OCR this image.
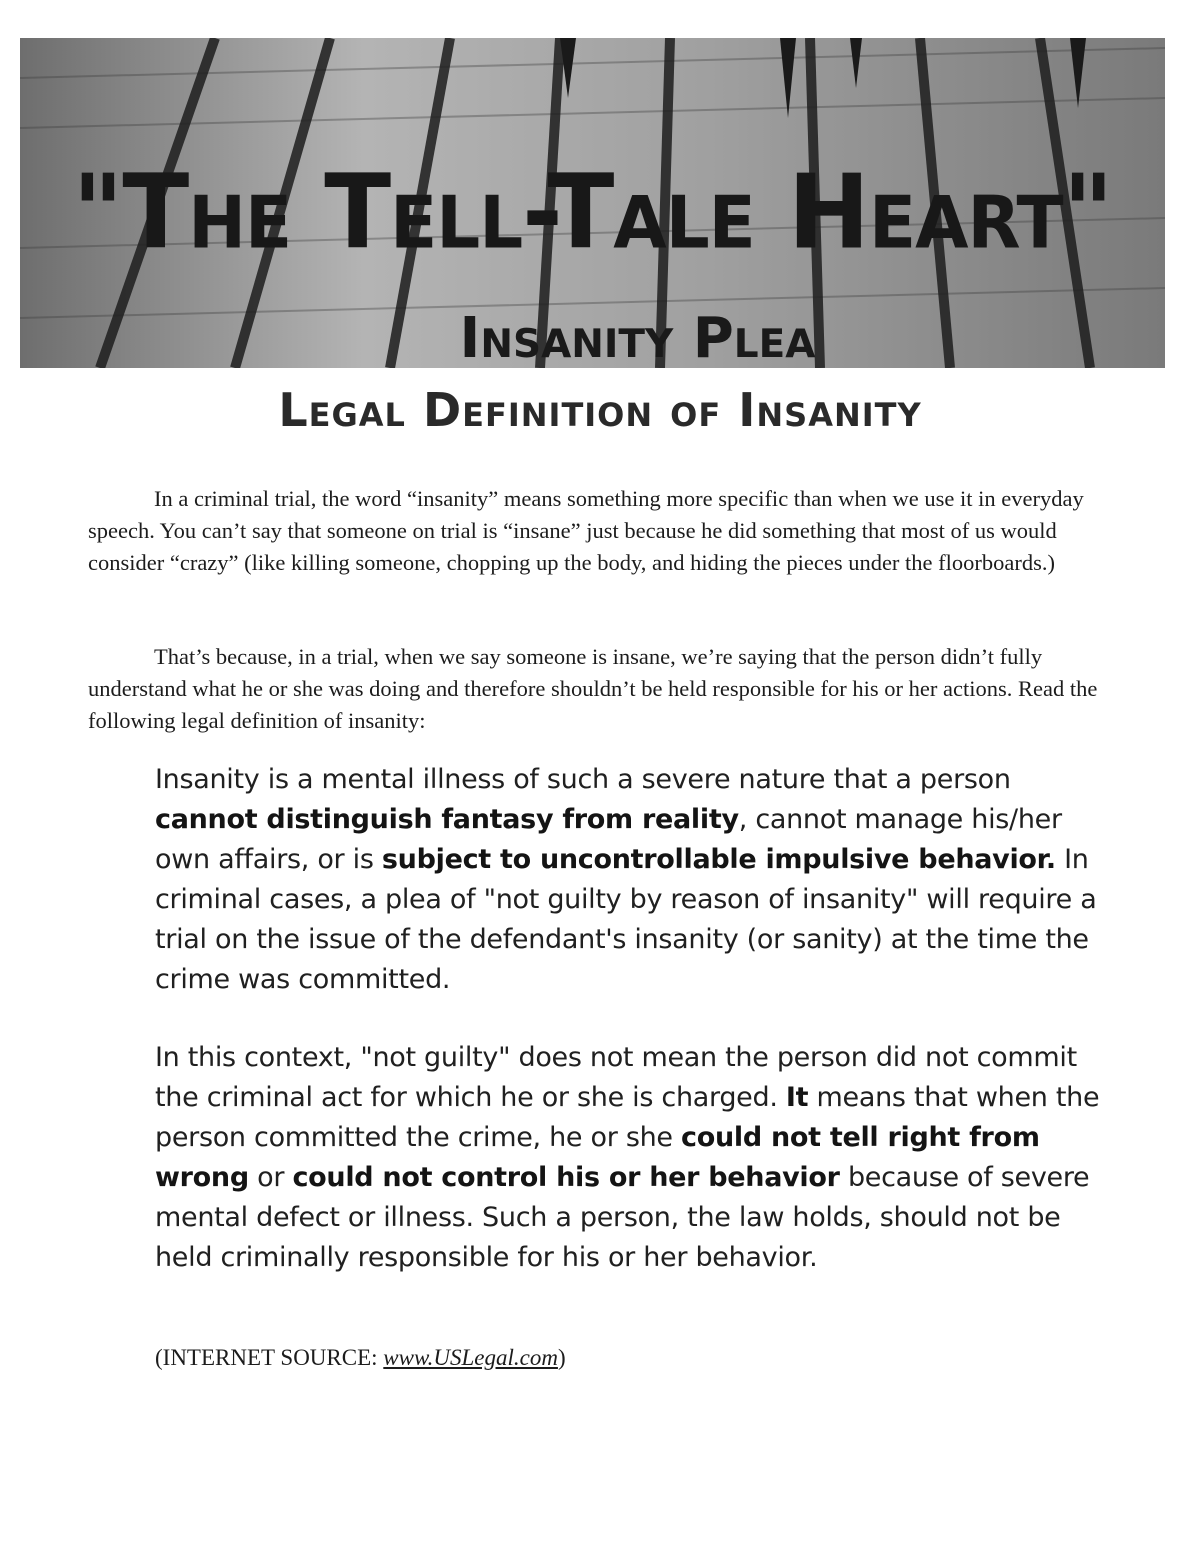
"The Tell-Tale Heart"
Insanity Plea
Legal Definition of Insanity

In a criminal trial, the word “insanity” means something more specific than when we use it in everyday speech. You can’t say that someone on trial is “insane” just because he did something that most of us would consider “crazy” (like killing someone, chopping up the body, and hiding the pieces under the floorboards.)

That’s because, in a trial, when we say someone is insane, we’re saying that the person didn’t fully understand what he or she was doing and therefore shouldn’t be held responsible for his or her actions. Read the following legal definition of insanity:

Insanity is a mental illness of such a severe nature that a person cannot distinguish fantasy from reality, cannot manage his/her own affairs, or is subject to uncontrollable impulsive behavior. In criminal cases, a plea of "not guilty by reason of insanity" will require a trial on the issue of the defendant's insanity (or sanity) at the time the crime was committed.

In this context, "not guilty" does not mean the person did not commit the criminal act for which he or she is charged. It means that when the person committed the crime, he or she could not tell right from wrong or could not control his or her behavior because of severe mental defect or illness. Such a person, the law holds, should not be held criminally responsible for his or her behavior.

(INTERNET SOURCE: www.USLegal.com)
